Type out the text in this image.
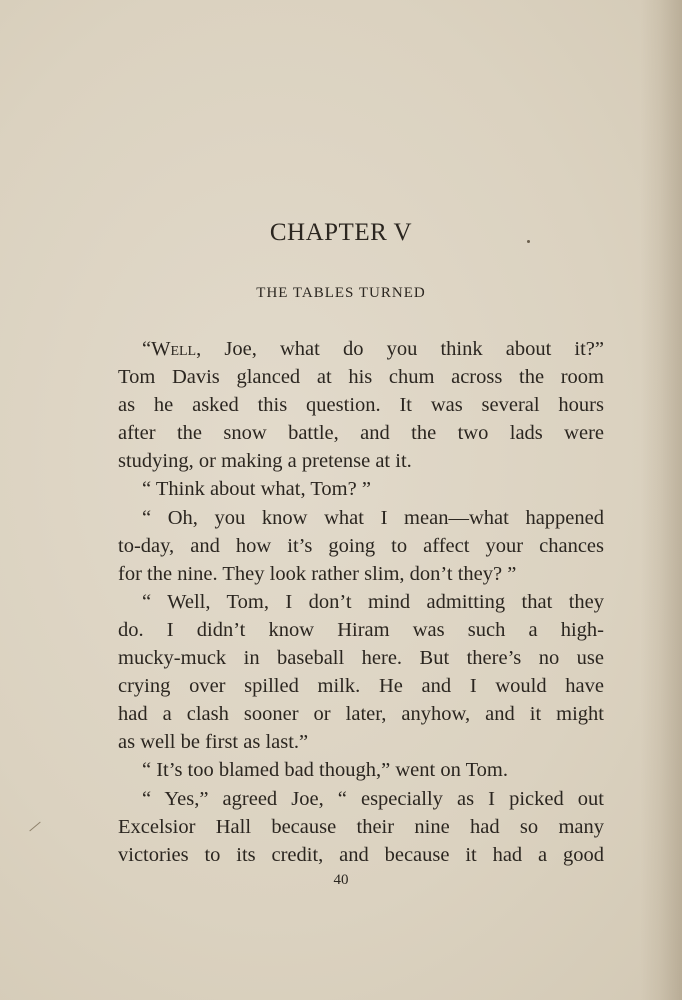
CHAPTER V
THE TABLES TURNED
“Well, Joe, what do you think about it?”
Tom Davis glanced at his chum across the room
as he asked this question. It was several hours
after the snow battle, and the two lads were
studying, or making a pretense at it.
“ Think about what, Tom? ”
“ Oh, you know what I mean—what happened
to-day, and how it’s going to affect your chances
for the nine. They look rather slim, don’t they? ”
“ Well, Tom, I don’t mind admitting that they
do. I didn’t know Hiram was such a high-
mucky-muck in baseball here. But there’s no use
crying over spilled milk. He and I would have
had a clash sooner or later, anyhow, and it might
as well be first as last.”
“ It’s too blamed bad though,” went on Tom.
“ Yes,” agreed Joe, “ especially as I picked out
Excelsior Hall because their nine had so many
victories to its credit, and because it had a good
40
